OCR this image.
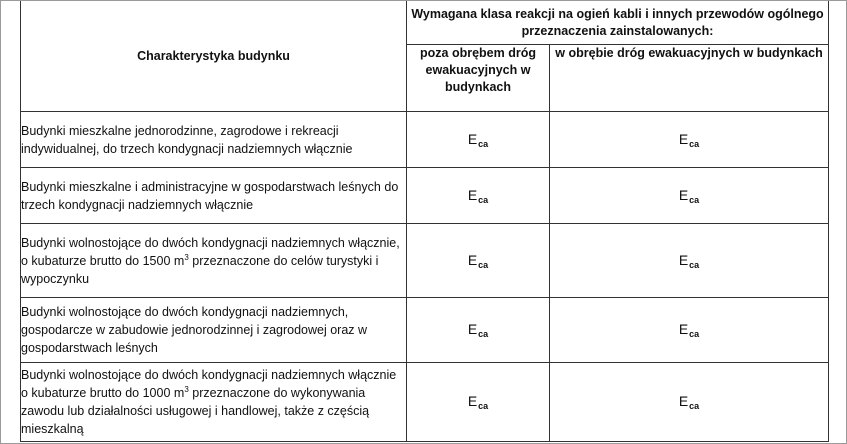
Charakterystyka budynku	Wymagana klasa reakcji na ogień kabli i innych przewodów ogólnego przeznaczenia zainstalowanych:	
	poza obrębem dróg ewakuacyjnych w budynkach	w obrębie dróg ewakuacyjnych w budynkach
Budynki mieszkalne jednorodzinne, zagrodowe i rekreacji indywidualnej, do trzech kondygnacji nadziemnych włącznie	$E_{ca}$	$E_{ca}$
Budynki mieszkalne i administracyjne w gospodarstwach leśnych do trzech kondygnacji nadziemnych włącznie	$E_{ca}$	$E_{ca}$
Budynki wolnostojące do dwóch kondygnacji nadziemnych włącznie, o kubaturze brutto do 1500 $m^3$ przeznaczone do celów turystyki i wypoczynku	$E_{ca}$	$E_{ca}$
Budynki wolnostojące do dwóch kondygnacji nadziemnych, gospodarcze w zabudowie jednorodzinnej i zagrodowej oraz w gospodarstwach leśnych	$E_{ca}$	$E_{ca}$
Budynki wolnostojące do dwóch kondygnacji nadziemnych włącznie o kubaturze brutto do 1000 $m^3$ przeznaczone do wykonywania zawodu lub działalności usługowej i handlowej, także z częścią mieszkalną	$E_{ca}$	$E_{ca}$
